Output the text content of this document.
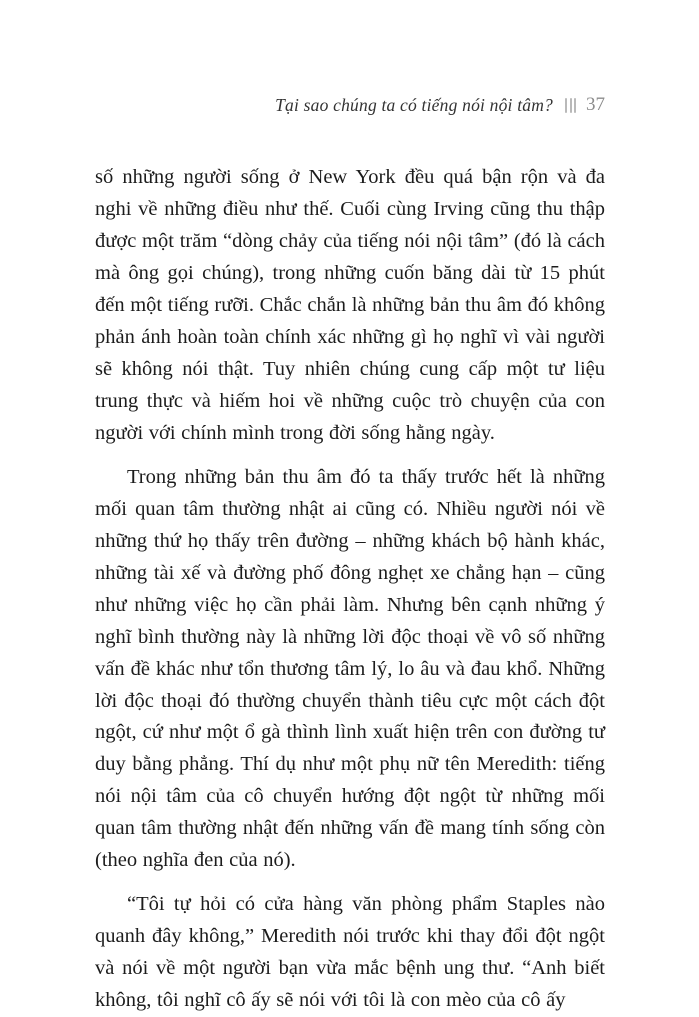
Tại sao chúng ta có tiếng nói nội tâm? 37

số những người sống ở New York đều quá bận rộn và đa nghi về những điều như thế. Cuối cùng Irving cũng thu thập được một trăm “dòng chảy của tiếng nói nội tâm” (đó là cách mà ông gọi chúng), trong những cuốn băng dài từ 15 phút đến một tiếng rưỡi. Chắc chắn là những bản thu âm đó không phản ánh hoàn toàn chính xác những gì họ nghĩ vì vài người sẽ không nói thật. Tuy nhiên chúng cung cấp một tư liệu trung thực và hiếm hoi về những cuộc trò chuyện của con người với chính mình trong đời sống hằng ngày.

Trong những bản thu âm đó ta thấy trước hết là những mối quan tâm thường nhật ai cũng có. Nhiều người nói về những thứ họ thấy trên đường – những khách bộ hành khác, những tài xế và đường phố đông nghẹt xe chẳng hạn – cũng như những việc họ cần phải làm. Nhưng bên cạnh những ý nghĩ bình thường này là những lời độc thoại về vô số những vấn đề khác như tổn thương tâm lý, lo âu và đau khổ. Những lời độc thoại đó thường chuyển thành tiêu cực một cách đột ngột, cứ như một ổ gà thình lình xuất hiện trên con đường tư duy bằng phẳng. Thí dụ như một phụ nữ tên Meredith: tiếng nói nội tâm của cô chuyển hướng đột ngột từ những mối quan tâm thường nhật đến những vấn đề mang tính sống còn (theo nghĩa đen của nó).

“Tôi tự hỏi có cửa hàng văn phòng phẩm Staples nào quanh đây không,” Meredith nói trước khi thay đổi đột ngột và nói về một người bạn vừa mắc bệnh ung thư. “Anh biết không, tôi nghĩ cô ấy sẽ nói với tôi là con mèo của cô ấy
